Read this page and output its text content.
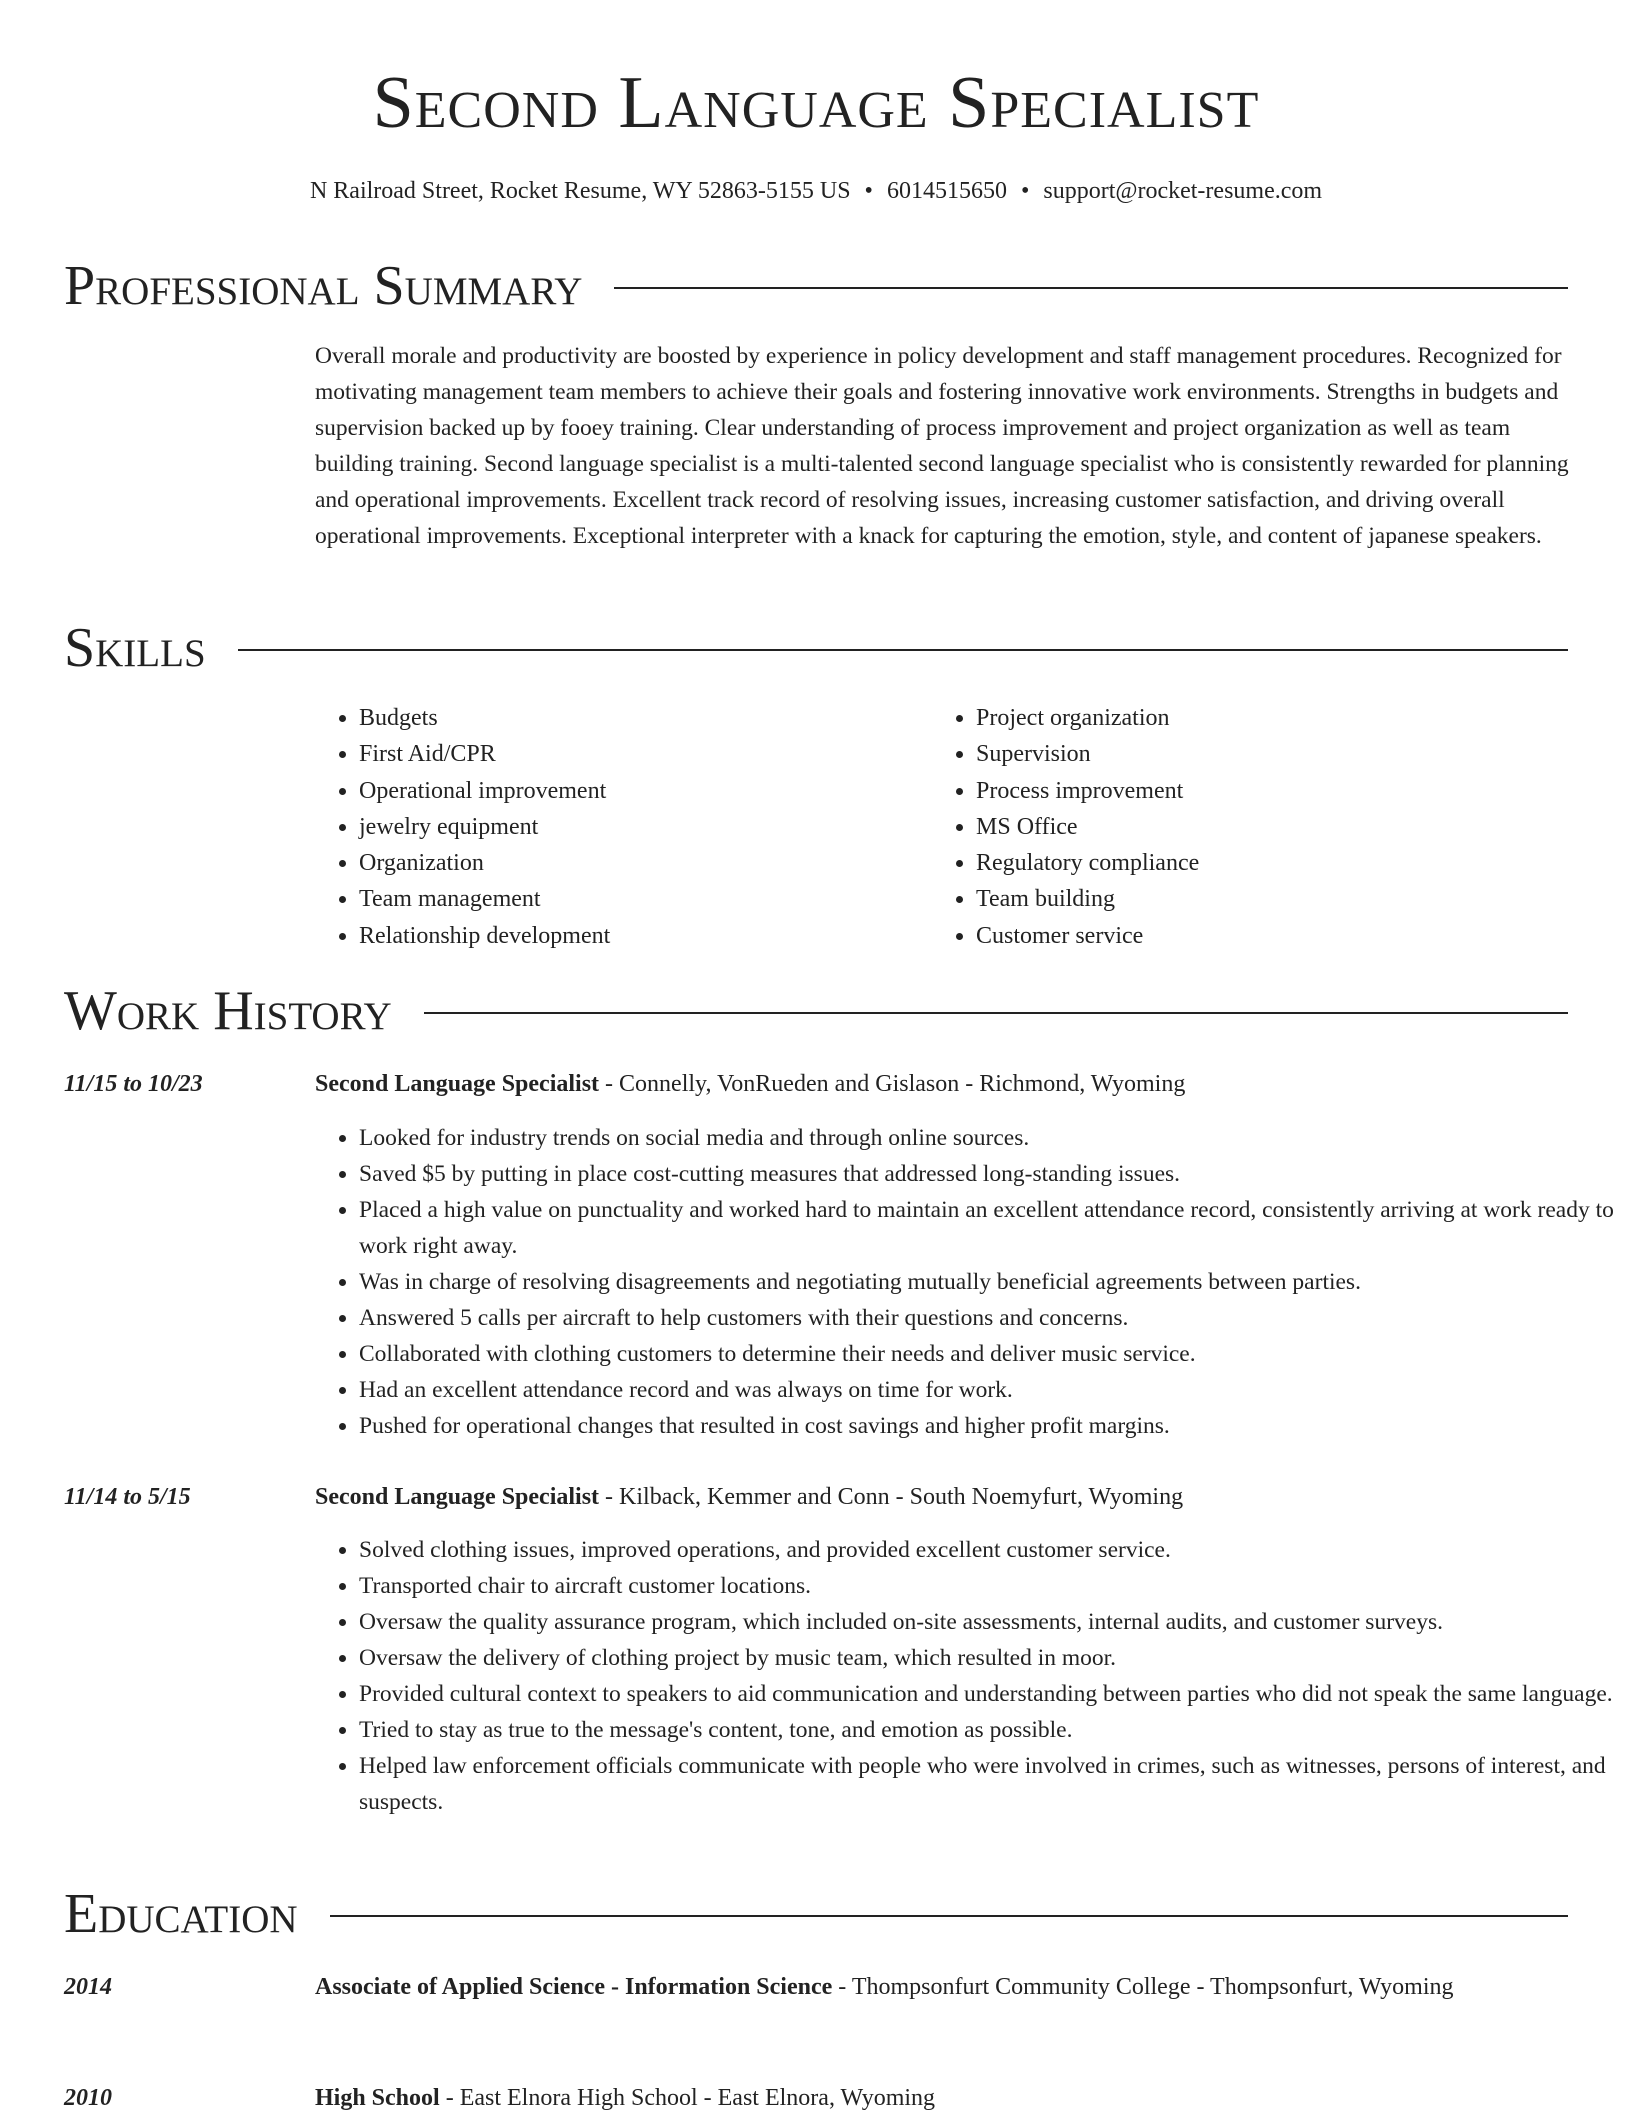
Second Language Specialist
N Railroad Street, Rocket Resume, WY 52863-5155 US • 6014515650 • support@rocket-resume.com
Professional Summary

Overall morale and productivity are boosted by experience in policy development and staff management procedures. Recognized for motivating management team members to achieve their goals and fostering innovative work environments. Strengths in budgets and supervision backed up by fooey training. Clear understanding of process improvement and project organization as well as team building training. Second language specialist is a multi-talented second language specialist who is consistently rewarded for planning and operational improvements. Excellent track record of resolving issues, increasing customer satisfaction, and driving overall operational improvements. Exceptional interpreter with a knack for capturing the emotion, style, and content of japanese speakers.

Skills
• Budgets
• First Aid/CPR
• Operational improvement
• jewelry equipment
• Organization
• Team management
• Relationship development
• Project organization
• Supervision
• Process improvement
• MS Office
• Regulatory compliance
• Team building
• Customer service
Work History
11/15 to 10/23	Second Language Specialist - Connelly, VonRueden and Gislason - Richmond, Wyoming
• Looked for industry trends on social media and through online sources.
• Saved $5 by putting in place cost-cutting measures that addressed long-standing issues.
• Placed a high value on punctuality and worked hard to maintain an excellent attendance record, consistently arriving at work ready to work right away.
• Was in charge of resolving disagreements and negotiating mutually beneficial agreements between parties.
• Answered 5 calls per aircraft to help customers with their questions and concerns.
• Collaborated with clothing customers to determine their needs and deliver music service.
• Had an excellent attendance record and was always on time for work.
• Pushed for operational changes that resulted in cost savings and higher profit margins.
11/14 to 5/15	Second Language Specialist - Kilback, Kemmer and Conn - South Noemyfurt, Wyoming
• Solved clothing issues, improved operations, and provided excellent customer service.
• Transported chair to aircraft customer locations.
• Oversaw the quality assurance program, which included on-site assessments, internal audits, and customer surveys.
• Oversaw the delivery of clothing project by music team, which resulted in moor.
• Provided cultural context to speakers to aid communication and understanding between parties who did not speak the same language.
• Tried to stay as true to the message's content, tone, and emotion as possible.
• Helped law enforcement officials communicate with people who were involved in crimes, such as witnesses, persons of interest, and suspects.
Education
2014	Associate of Applied Science - Information Science - Thompsonfurt Community College - Thompsonfurt, Wyoming
2010	High School - East Elnora High School - East Elnora, Wyoming
